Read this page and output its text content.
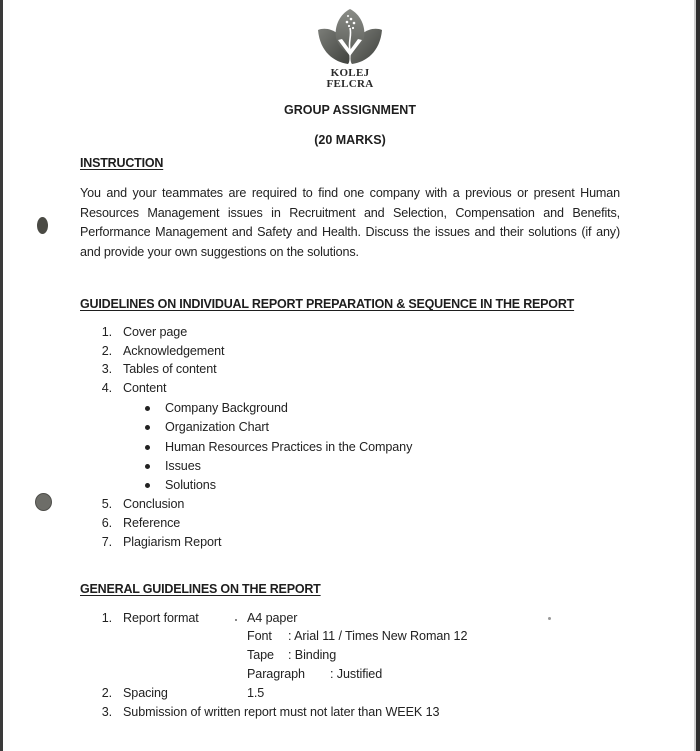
KOLEJ
FELCRA
GROUP ASSIGNMENT
(20 MARKS)
INSTRUCTION
You and your teammates are required to find one company with a previous or present Human
Resources Management issues in Recruitment and Selection, Compensation and Benefits,
Performance Management and Safety and Health. Discuss the issues and their solutions (if any)
and provide your own suggestions on the solutions.
GUIDELINES ON INDIVIDUAL REPORT PREPARATION & SEQUENCE IN THE REPORT
1. Cover page
2. Acknowledgement
3. Tables of content
4. Content
Company Background
Organization Chart
Human Resources Practices in the Company
Issues
Solutions
5. Conclusion
6. Reference
7. Plagiarism Report
GENERAL GUIDELINES ON THE REPORT
1. Report format	A4 paper
Font : Arial 11 / Times New Roman 12
Tape : Binding
Paragraph : Justified
2. Spacing	1.5
3. Submission of written report must not later than WEEK 13
